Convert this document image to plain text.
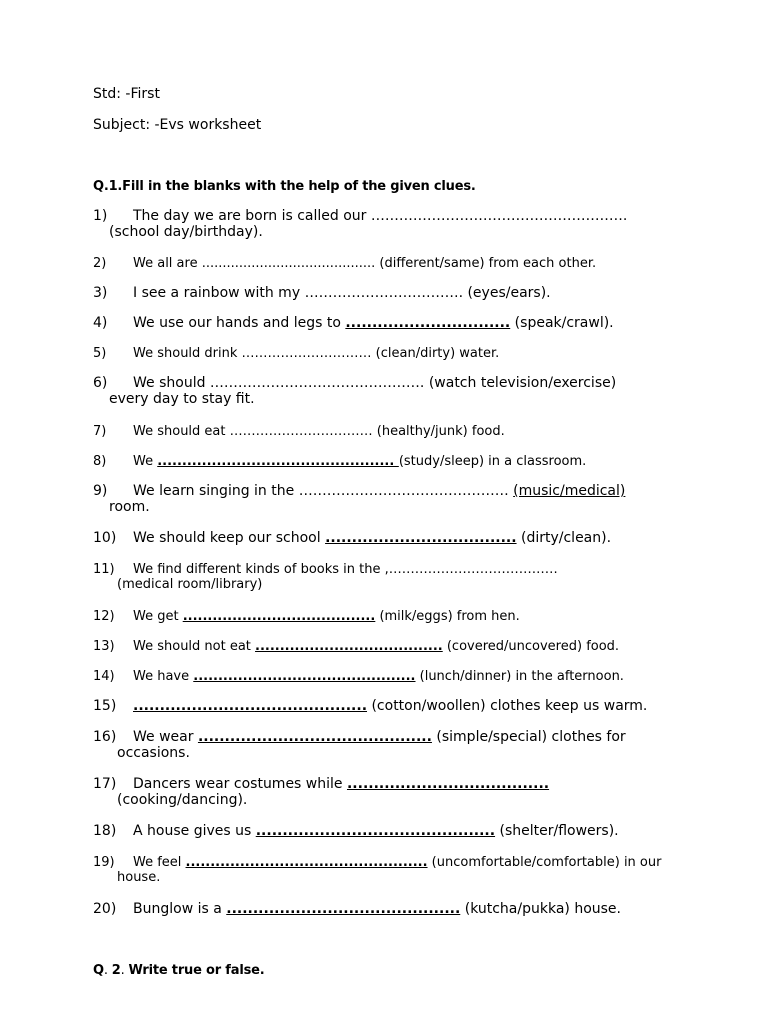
Std: -First
Subject: -Evs worksheet
Q.1.Fill in the blanks with the help of the given clues.
1) The day we are born is called our ……………………………………………….
(school day/birthday).
2) We all are .......................................... (different/same) from each other.
3) I see a rainbow with my ……………………………. (eyes/ears).
4) We use our hands and legs to ............................... (speak/crawl).
5) We should drink ………………………… (clean/dirty) water.
6) We should ………………………………………. (watch television/exercise)
every day to stay fit.
7) We should eat …………………………… (healthy/junk) food.
8) We ................................................ (study/sleep) in a classroom.
9) We learn singing in the ……………………………………… (music/medical)
room.
10) We should keep our school .................................... (dirty/clean).
11) We find different kinds of books in the ,…………………………………
(medical room/library)
12) We get ....................................... (milk/eggs) from hen.
13) We should not eat ...................................... (covered/uncovered) food.
14) We have ............................................. (lunch/dinner) in the afternoon.
15) ............................................ (cotton/woollen) clothes keep us warm.
16) We wear ............................................ (simple/special) clothes for
occasions.
17) Dancers wear costumes while ......................................
(cooking/dancing).
18) A house gives us ............................................. (shelter/flowers).
19) We feel ................................................. (uncomfortable/comfortable) in our
house.
20) Bunglow is a ............................................ (kutcha/pukka) house.
Q. 2. Write true or false.
